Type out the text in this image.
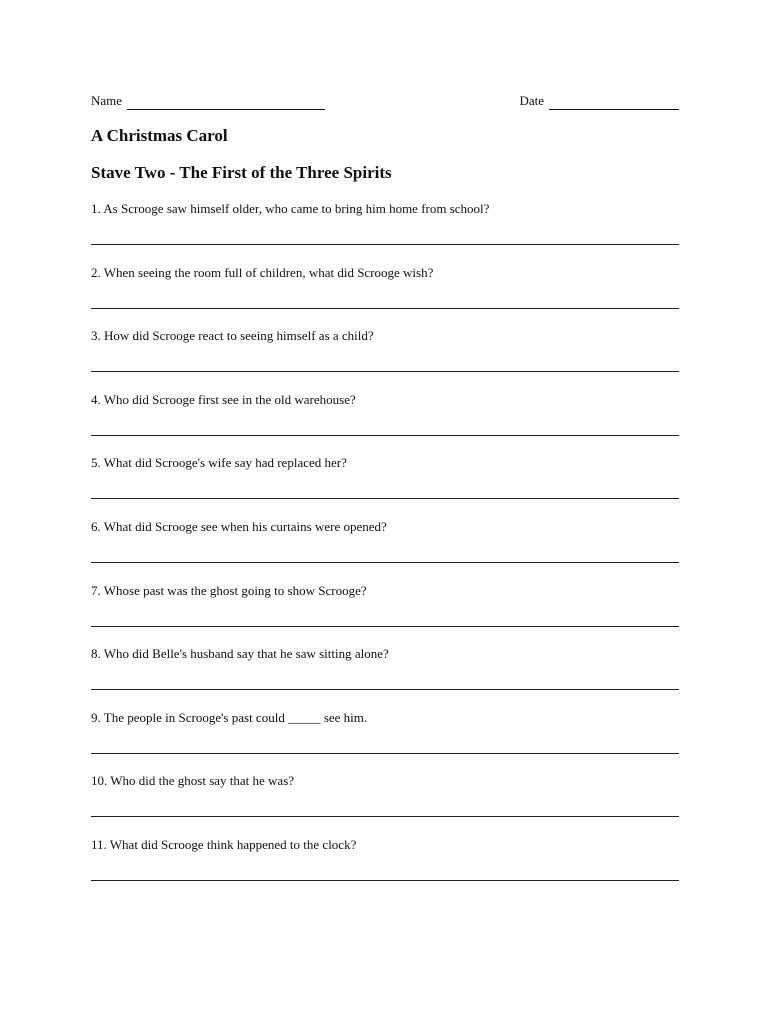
Name	Date
A Christmas Carol
Stave Two - The First of the Three Spirits
1. As Scrooge saw himself older, who came to bring him home from school?
2. When seeing the room full of children, what did Scrooge wish?
3. How did Scrooge react to seeing himself as a child?
4. Who did Scrooge first see in the old warehouse?
5. What did Scrooge's wife say had replaced her?
6. What did Scrooge see when his curtains were opened?
7. Whose past was the ghost going to show Scrooge?
8. Who did Belle's husband say that he saw sitting alone?
9. The people in Scrooge's past could _____ see him.
10. Who did the ghost say that he was?
11. What did Scrooge think happened to the clock?
